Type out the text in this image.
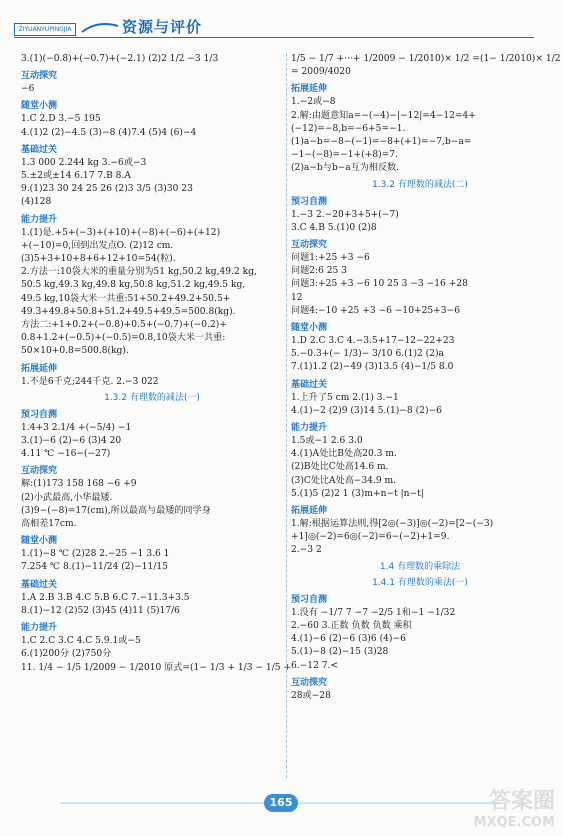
ZIYUANYUPINGJIA	资源与评价
3.(1)(−0.8)+(−0.7)+(−2.1) (2)2 1/2 −3 1/3
互动探究
−6
随堂小测
1.C 2.D 3.−5 195
4.(1)2 (2)−4.5 (3)−8 (4)7.4 (5)4 (6)−4
基础过关
1.3 000 2.244 kg 3.−6或−3
5.±2或±14 6.17 7.B 8.A
9.(1)23 30 24 25 26 (2)3 3/5 (3)30 23
(4)128
能力提升
1.(1)是.+5+(−3)+(+10)+(−8)+(−6)+(+12)
+(−10)=0,回到出发点O. (2)12 cm.
(3)5+3+10+8+6+12+10=54(粒).
2.方法一:10袋大米的重量分别为51 kg,50.2 kg,49.2 kg,
50.5 kg,49.3 kg,49.8 kg,50.8 kg,51.2 kg,49.5 kg,
49.5 kg,10袋大米一共重:51+50.2+49.2+50.5+
49.3+49.8+50.8+51.2+49.5+49.5=500.8(kg).
方法二:+1+0.2+(−0.8)+0.5+(−0.7)+(−0.2)+
0.8+1.2+(−0.5)+(−0.5)=0.8,10袋大米一共重:
50×10+0.8=500.8(kg).
拓展延伸
1.不是6千克;244千克. 2.−3 022
1.3.2 有理数的减法(一)
预习自测
1.4+3 2.1/4 +(−5/4) −1
3.(1)−6 (2)−6 (3)4 20
4.11 ℃ −16−(−27)
互动探究
解:(1)173 158 168 −6 +9
(2)小武最高,小华最矮.
(3)9−(−8)=17(cm),所以最高与最矮的同学身
高相差17cm.
随堂小测
1.(1)−8 ℃ (2)28 2.−25 −1 3.6 1
7.254 ℃ 8.(1)−11/24 (2)−11/15
基础过关
1.A 2.B 3.B 4.C 5.B 6.C 7.−11.3+3.5
8.(1)−12 (2)52 (3)45 (4)11 (5)17/6
能力提升
1.C 2.C 3.C 4.C 5.9.1或−5
6.(1)200分 (2)750分
11. 1/4 − 1/5 1/2009 − 1/2010 原式=(1− 1/3 + 1/3 − 1/5 +
1/5 − 1/7 +···+ 1/2009 − 1/2010)× 1/2 =(1− 1/2010)× 1/2
= 2009/4020
拓展延伸
1.−2或−8
2.解:由题意知a=−(−4)−|−12|=4−12=4+
(−12)=−8,b=−6+5=−1.
(1)a−b=−8−(−1)=−8+(+1)=−7,b−a=
−1−(−8)=−1+(+8)=7.
(2)a−b与b−a互为相反数.
1.3.2 有理数的减法(二)
预习自测
1.−3 2.−20+3+5+(−7)
3.C 4.B 5.(1)0 (2)8
互动探究
问题1:+25 +3 −6
问题2:6 25 3
问题3:+25 +3 −6 10 25 3 −3 −16 +28
12
问题4:−10 +25 +3 −6 −10+25+3−6
随堂小测
1.D 2.C 3.C 4.−3.5+17−12−22+23
5.−0.3+(− 1/3)− 3/10 6.(1)2 (2)a
7.(1)1.2 (2)−49 (3)13.5 (4)−1/5 8.0
基础过关
1.上升了5 cm 2.(1) 3.−1
4.(1)−2 (2)9 (3)14 5.(1)−8 (2)−6
能力提升
1.5或−1 2.6 3.0
4.(1)A处比B处高20.3 m.
(2)B处比C处高14.6 m.
(3)C处比A处高−34.9 m.
5.(1)5 (2)2 1 (3)m+n−t |n−t|
拓展延伸
1.解:根据运算法则,得[2◎(−3)]◎(−2)=[2−(−3)
+1]◎(−2)=6◎(−2)=6−(−2)+1=9.
2.−3 2
1.4 有理数的乘除法
1.4.1 有理数的乘法(一)
预习自测
1.没有 −1/7 7 −7 −2/5 1和−1 −1/32
2.−60 3.正数 负数 负数 乘积
4.(1)−6 (2)−6 (3)6 (4)−6
5.(1)−8 (2)−15 (3)28
6.−12 7.<
互动探究
28或−28
165	答案圈
MXQE.COM
